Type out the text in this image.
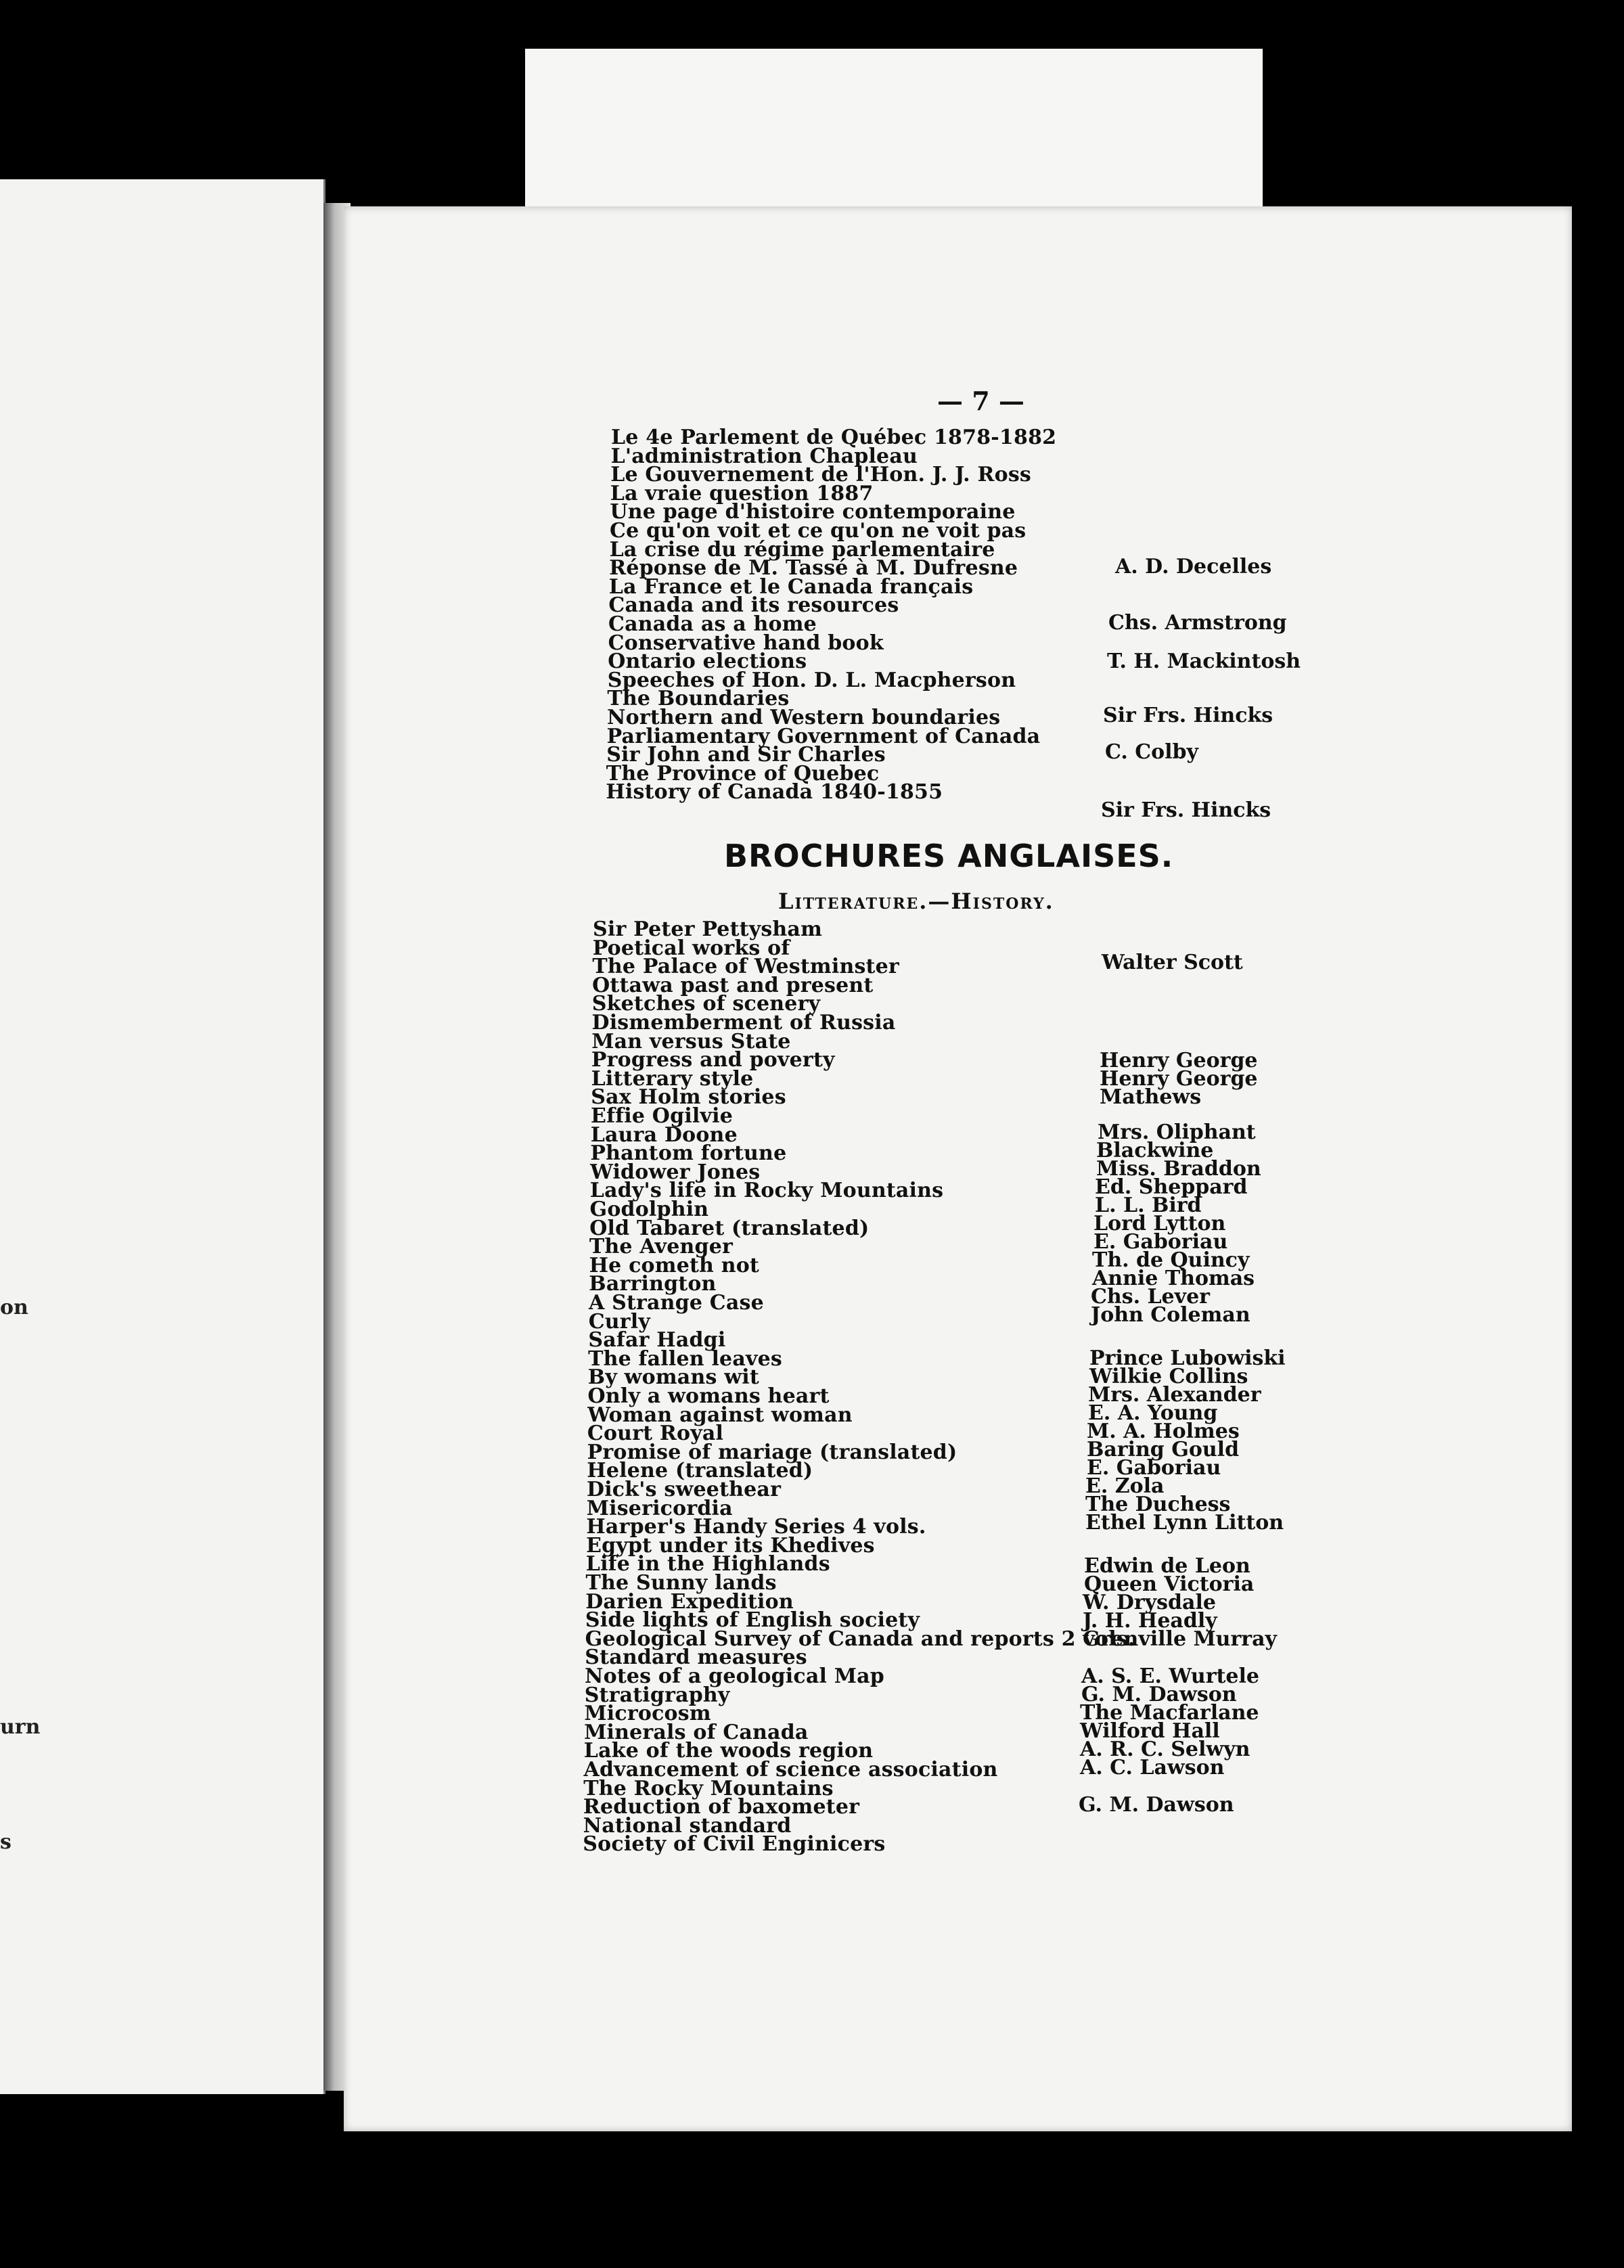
on
urn
s
— 7 —
Le 4e Parlement de Québec 1878-1882
L'administration Chapleau
Le Gouvernement de l'Hon. J. J. Ross
La vraie question 1887
Une page d'histoire contemporaine
Ce qu'on voit et ce qu'on ne voit pas
La crise du régime parlementaire
Réponse de M. Tassé à M. Dufresne
La France et le Canada français
Canada and its resources
Canada as a home
Conservative hand book
Ontario elections
Speeches of Hon. D. L. Macpherson
The Boundaries
Northern and Western boundaries
Parliamentary Government of Canada
Sir John and Sir Charles
The Province of Quebec
History of Canada 1840-1855
A. D. Decelles
Chs. Armstrong
T. H. Mackintosh
Sir Frs. Hincks
C. Colby
Sir Frs. Hincks
BROCHURES ANGLAISES.
Litterature.—History.
Sir Peter Pettysham
Poetical works of
The Palace of Westminster
Ottawa past and present
Sketches of scenery
Dismemberment of Russia
Man versus State
Progress and poverty
Litterary style
Sax Holm stories
Effie Ogilvie
Laura Doone
Phantom fortune
Widower Jones
Lady's life in Rocky Mountains
Godolphin
Old Tabaret (translated)
The Avenger
He cometh not
Barrington
A Strange Case
Curly
Safar Hadgi
The fallen leaves
By womans wit
Only a womans heart
Woman against woman
Court Royal
Promise of mariage (translated)
Helene (translated)
Dick's sweethear
Misericordia
Harper's Handy Series 4 vols.
Egypt under its Khedives
Life in the Highlands
The Sunny lands
Darien Expedition
Side lights of English society
Geological Survey of Canada and reports 2 vols.
Standard measures
Notes of a geological Map
Stratigraphy
Microcosm
Minerals of Canada
Lake of the woods region
Advancement of science association
The Rocky Mountains
Reduction of baxometer
National standard
Society of Civil Enginicers
Walter Scott
Henry George
Henry George
Mathews
Mrs. Oliphant
Blackwine
Miss. Braddon
Ed. Sheppard
L. L. Bird
Lord Lytton
E. Gaboriau
Th. de Quincy
Annie Thomas
Chs. Lever
John Coleman
Prince Lubowiski
Wilkie Collins
Mrs. Alexander
E. A. Young
M. A. Holmes
Baring Gould
E. Gaboriau
E. Zola
The Duchess
Ethel Lynn Litton
Edwin de Leon
Queen Victoria
W. Drysdale
J. H. Headly
Grenville Murray
A. S. E. Wurtele
G. M. Dawson
The Macfarlane
Wilford Hall
A. R. C. Selwyn
A. C. Lawson
G. M. Dawson
